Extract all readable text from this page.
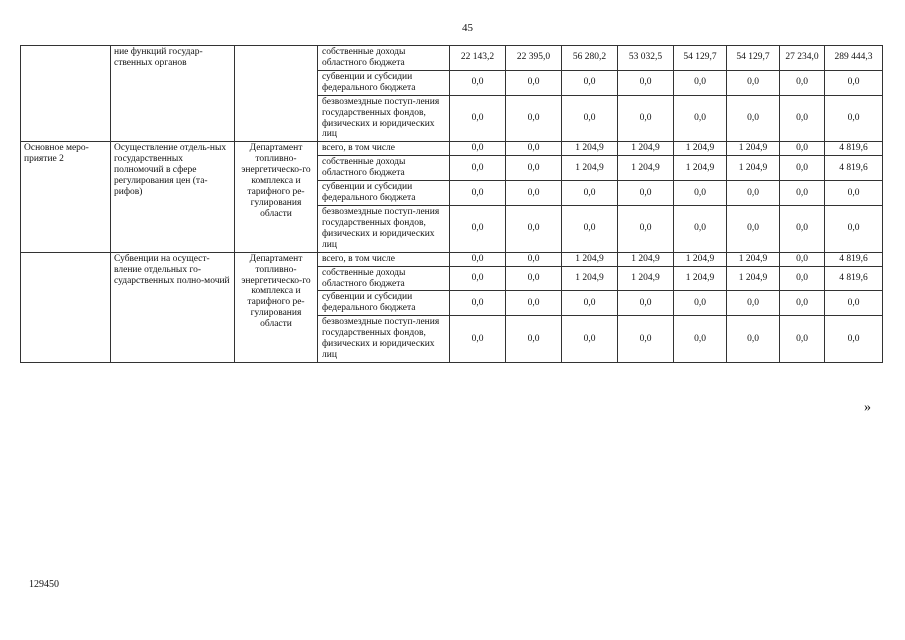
45
	ние функций государ-ственных органов		собственные доходы областного бюджета	22 143,2	22 395,0	56 280,2	53 032,5	54 129,7	54 129,7	27 234,0	289 444,3
			субвенции и субсидии федерального бюджета	0,0	0,0	0,0	0,0	0,0	0,0	0,0	0,0
			безвозмездные поступ-ления государственных фондов, физических и юридических лиц	0,0	0,0	0,0	0,0	0,0	0,0	0,0	0,0
Основное меро-приятие 2	Осуществление отдель-ных государственных полномочий в сфере регулирования цен (та-рифов)	Департамент топливно-энергетическо-го комплекса и тарифного ре-гулирования области	всего, в том числе	0,0	0,0	1 204,9	1 204,9	1 204,9	1 204,9	0,0	4 819,6
			собственные доходы областного бюджета	0,0	0,0	1 204,9	1 204,9	1 204,9	1 204,9	0,0	4 819,6
			субвенции и субсидии федерального бюджета	0,0	0,0	0,0	0,0	0,0	0,0	0,0	0,0
			безвозмездные поступ-ления государственных фондов, физических и юридических лиц	0,0	0,0	0,0	0,0	0,0	0,0	0,0	0,0
	Субвенции на осущест-вление отдельных го-сударственных полно-мочий	Департамент топливно-энергетическо-го комплекса и тарифного ре-гулирования области	всего, в том числе	0,0	0,0	1 204,9	1 204,9	1 204,9	1 204,9	0,0	4 819,6
			собственные доходы областного бюджета	0,0	0,0	1 204,9	1 204,9	1 204,9	1 204,9	0,0	4 819,6
			субвенции и субсидии федерального бюджета	0,0	0,0	0,0	0,0	0,0	0,0	0,0	0,0
			безвозмездные поступ-ления государственных фондов, физических и юридических лиц	0,0	0,0	0,0	0,0	0,0	0,0	0,0	0,0
»
129450
